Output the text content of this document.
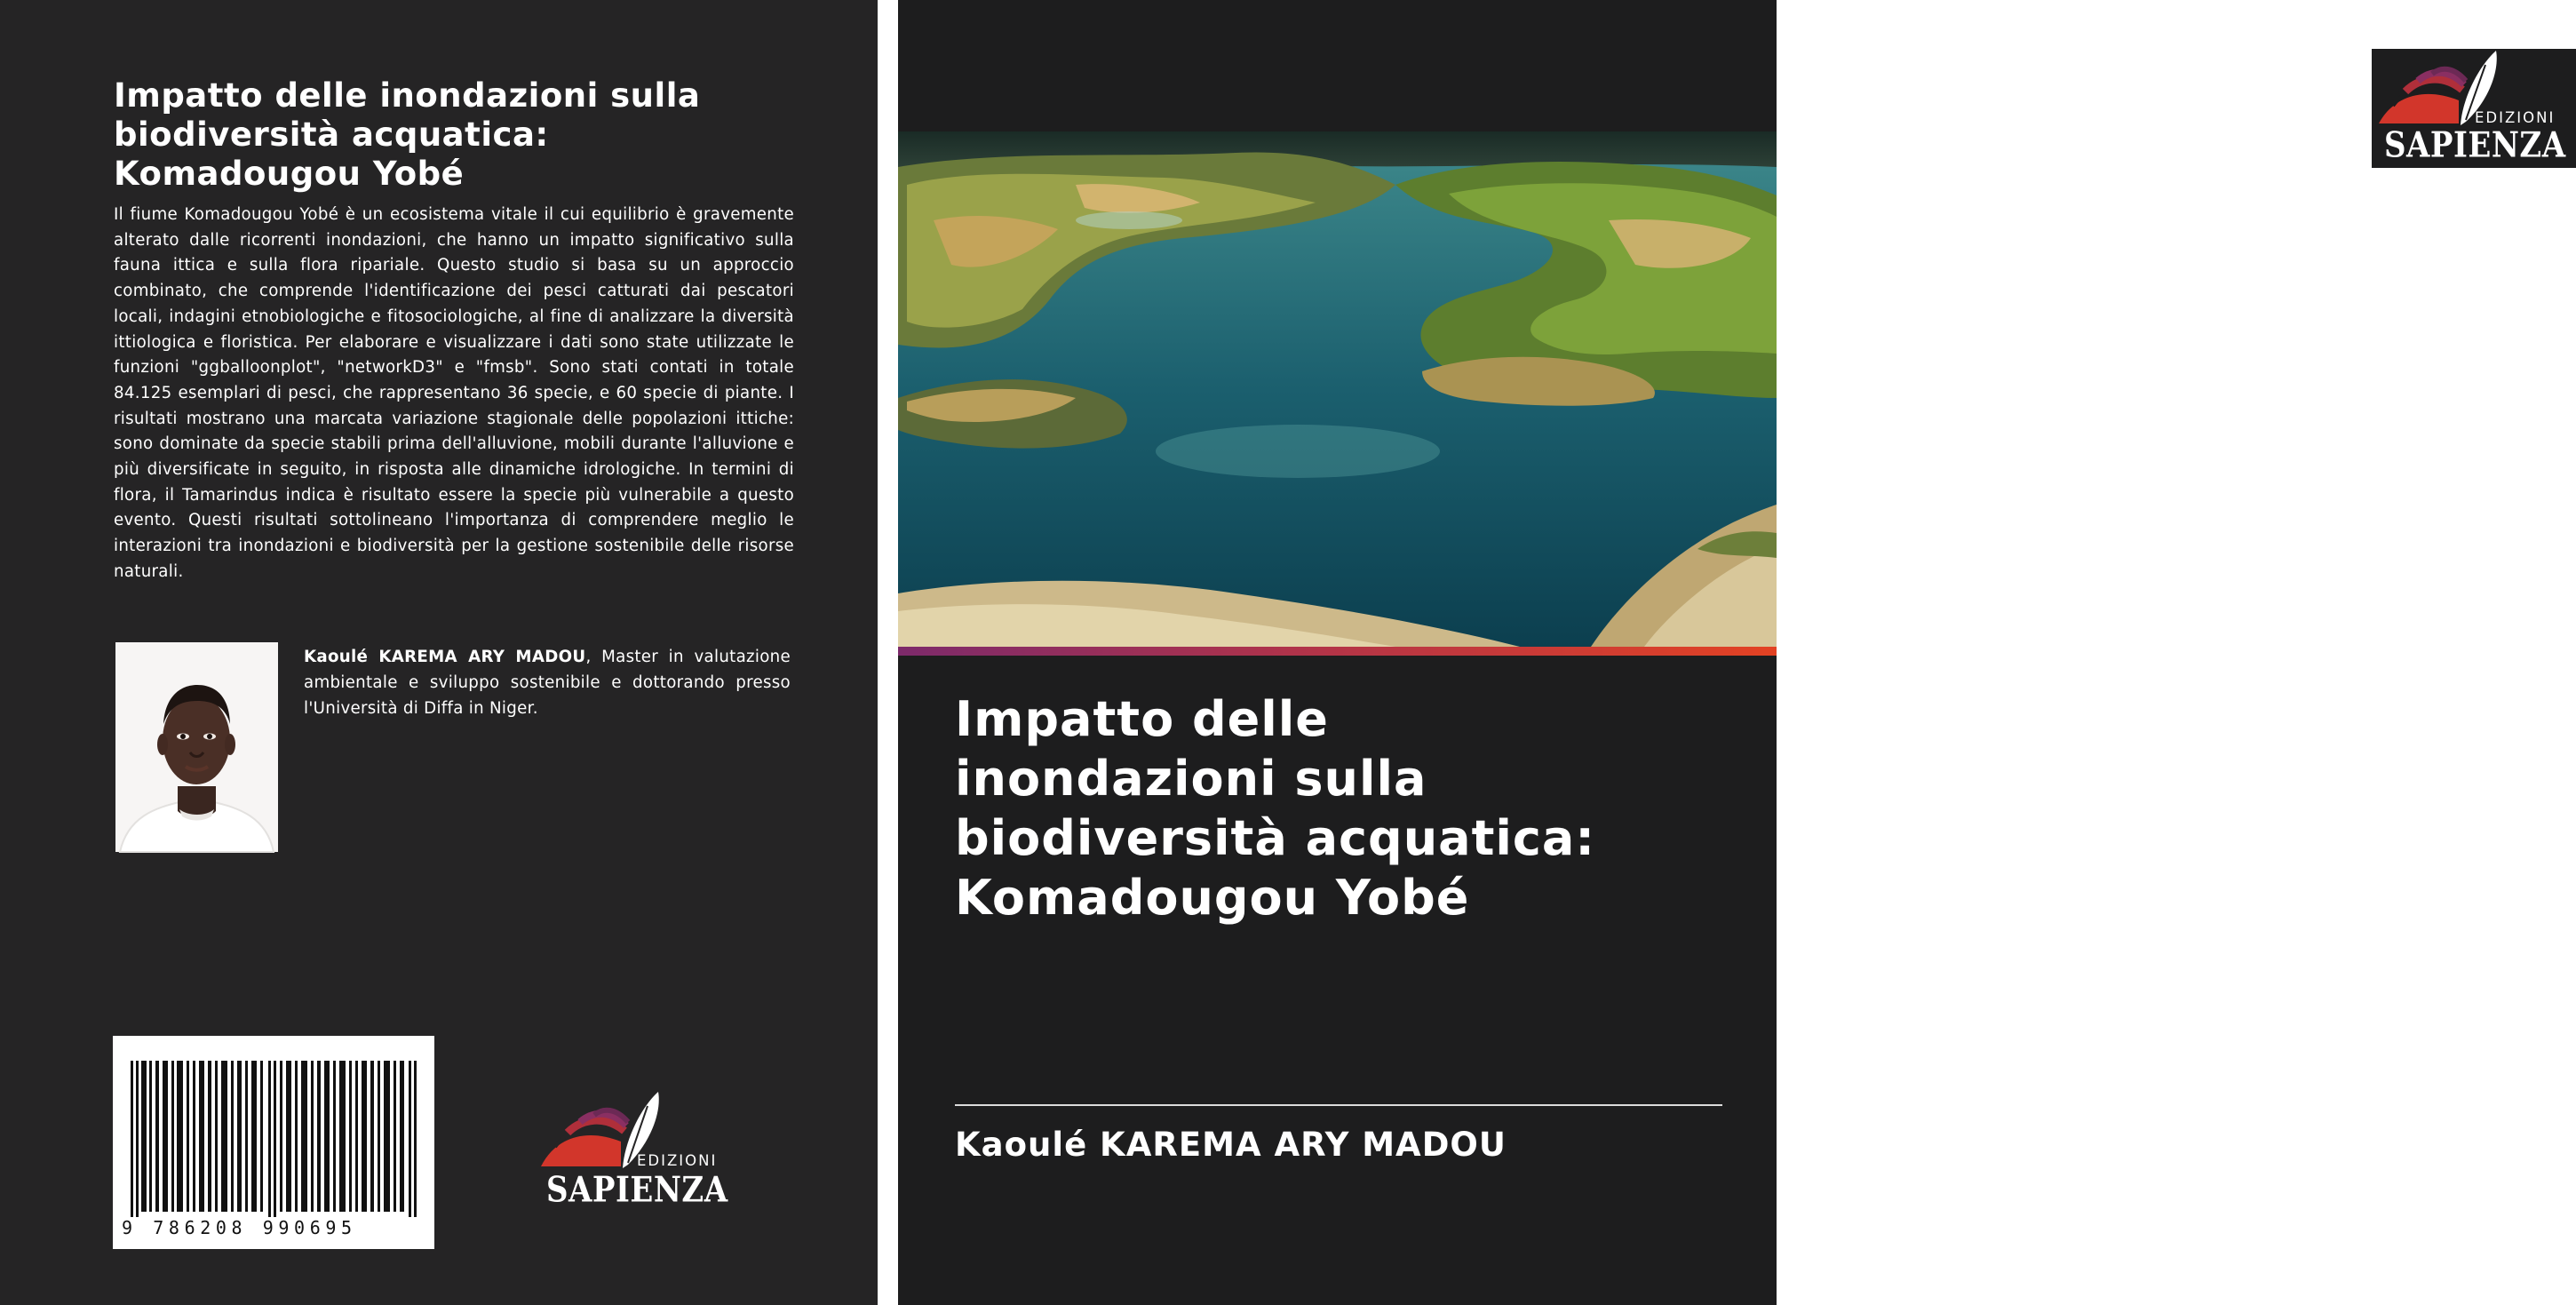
Impatto delle inondazioni sulla
biodiversità acquatica:
Komadougou Yobé

Il fiume Komadougou Yobé è un ecosistema vitale il cui equilibrio è gravemente alterato dalle ricorrenti inondazioni, che hanno un impatto significativo sulla fauna ittica e sulla flora ripariale. Questo studio si basa su un approccio combinato, che comprende l'identificazione dei pesci catturati dai pescatori locali, indagini etnobiologiche e fitosociologiche, al fine di analizzare la diversità ittiologica e floristica. Per elaborare e visualizzare i dati sono state utilizzate le funzioni "ggballoonplot", "networkD3" e "fmsb". Sono stati contati in totale 84.125 esemplari di pesci, che rappresentano 36 specie, e 60 specie di piante. I risultati mostrano una marcata variazione stagionale delle popolazioni ittiche: sono dominate da specie stabili prima dell'alluvione, mobili durante l'alluvione e più diversificate in seguito, in risposta alle dinamiche idrologiche. In termini di flora, il Tamarindus indica è risultato essere la specie più vulnerabile a questo evento. Questi risultati sottolineano l'importanza di comprendere meglio le interazioni tra inondazioni e biodiversità per la gestione sostenibile delle risorse naturali.

Kaoulé KAREMA ARY MADOU, Master in valutazione ambientale e sviluppo sostenibile e dottorando presso l'Università di Diffa in Niger.

9 786208 990695
EDIZIONI
SAPIENZA
EDIZIONI
SAPIENZA
Impatto delle
inondazioni sulla
biodiversità acquatica:
Komadougou Yobé
Kaoulé KAREMA ARY MADOU
